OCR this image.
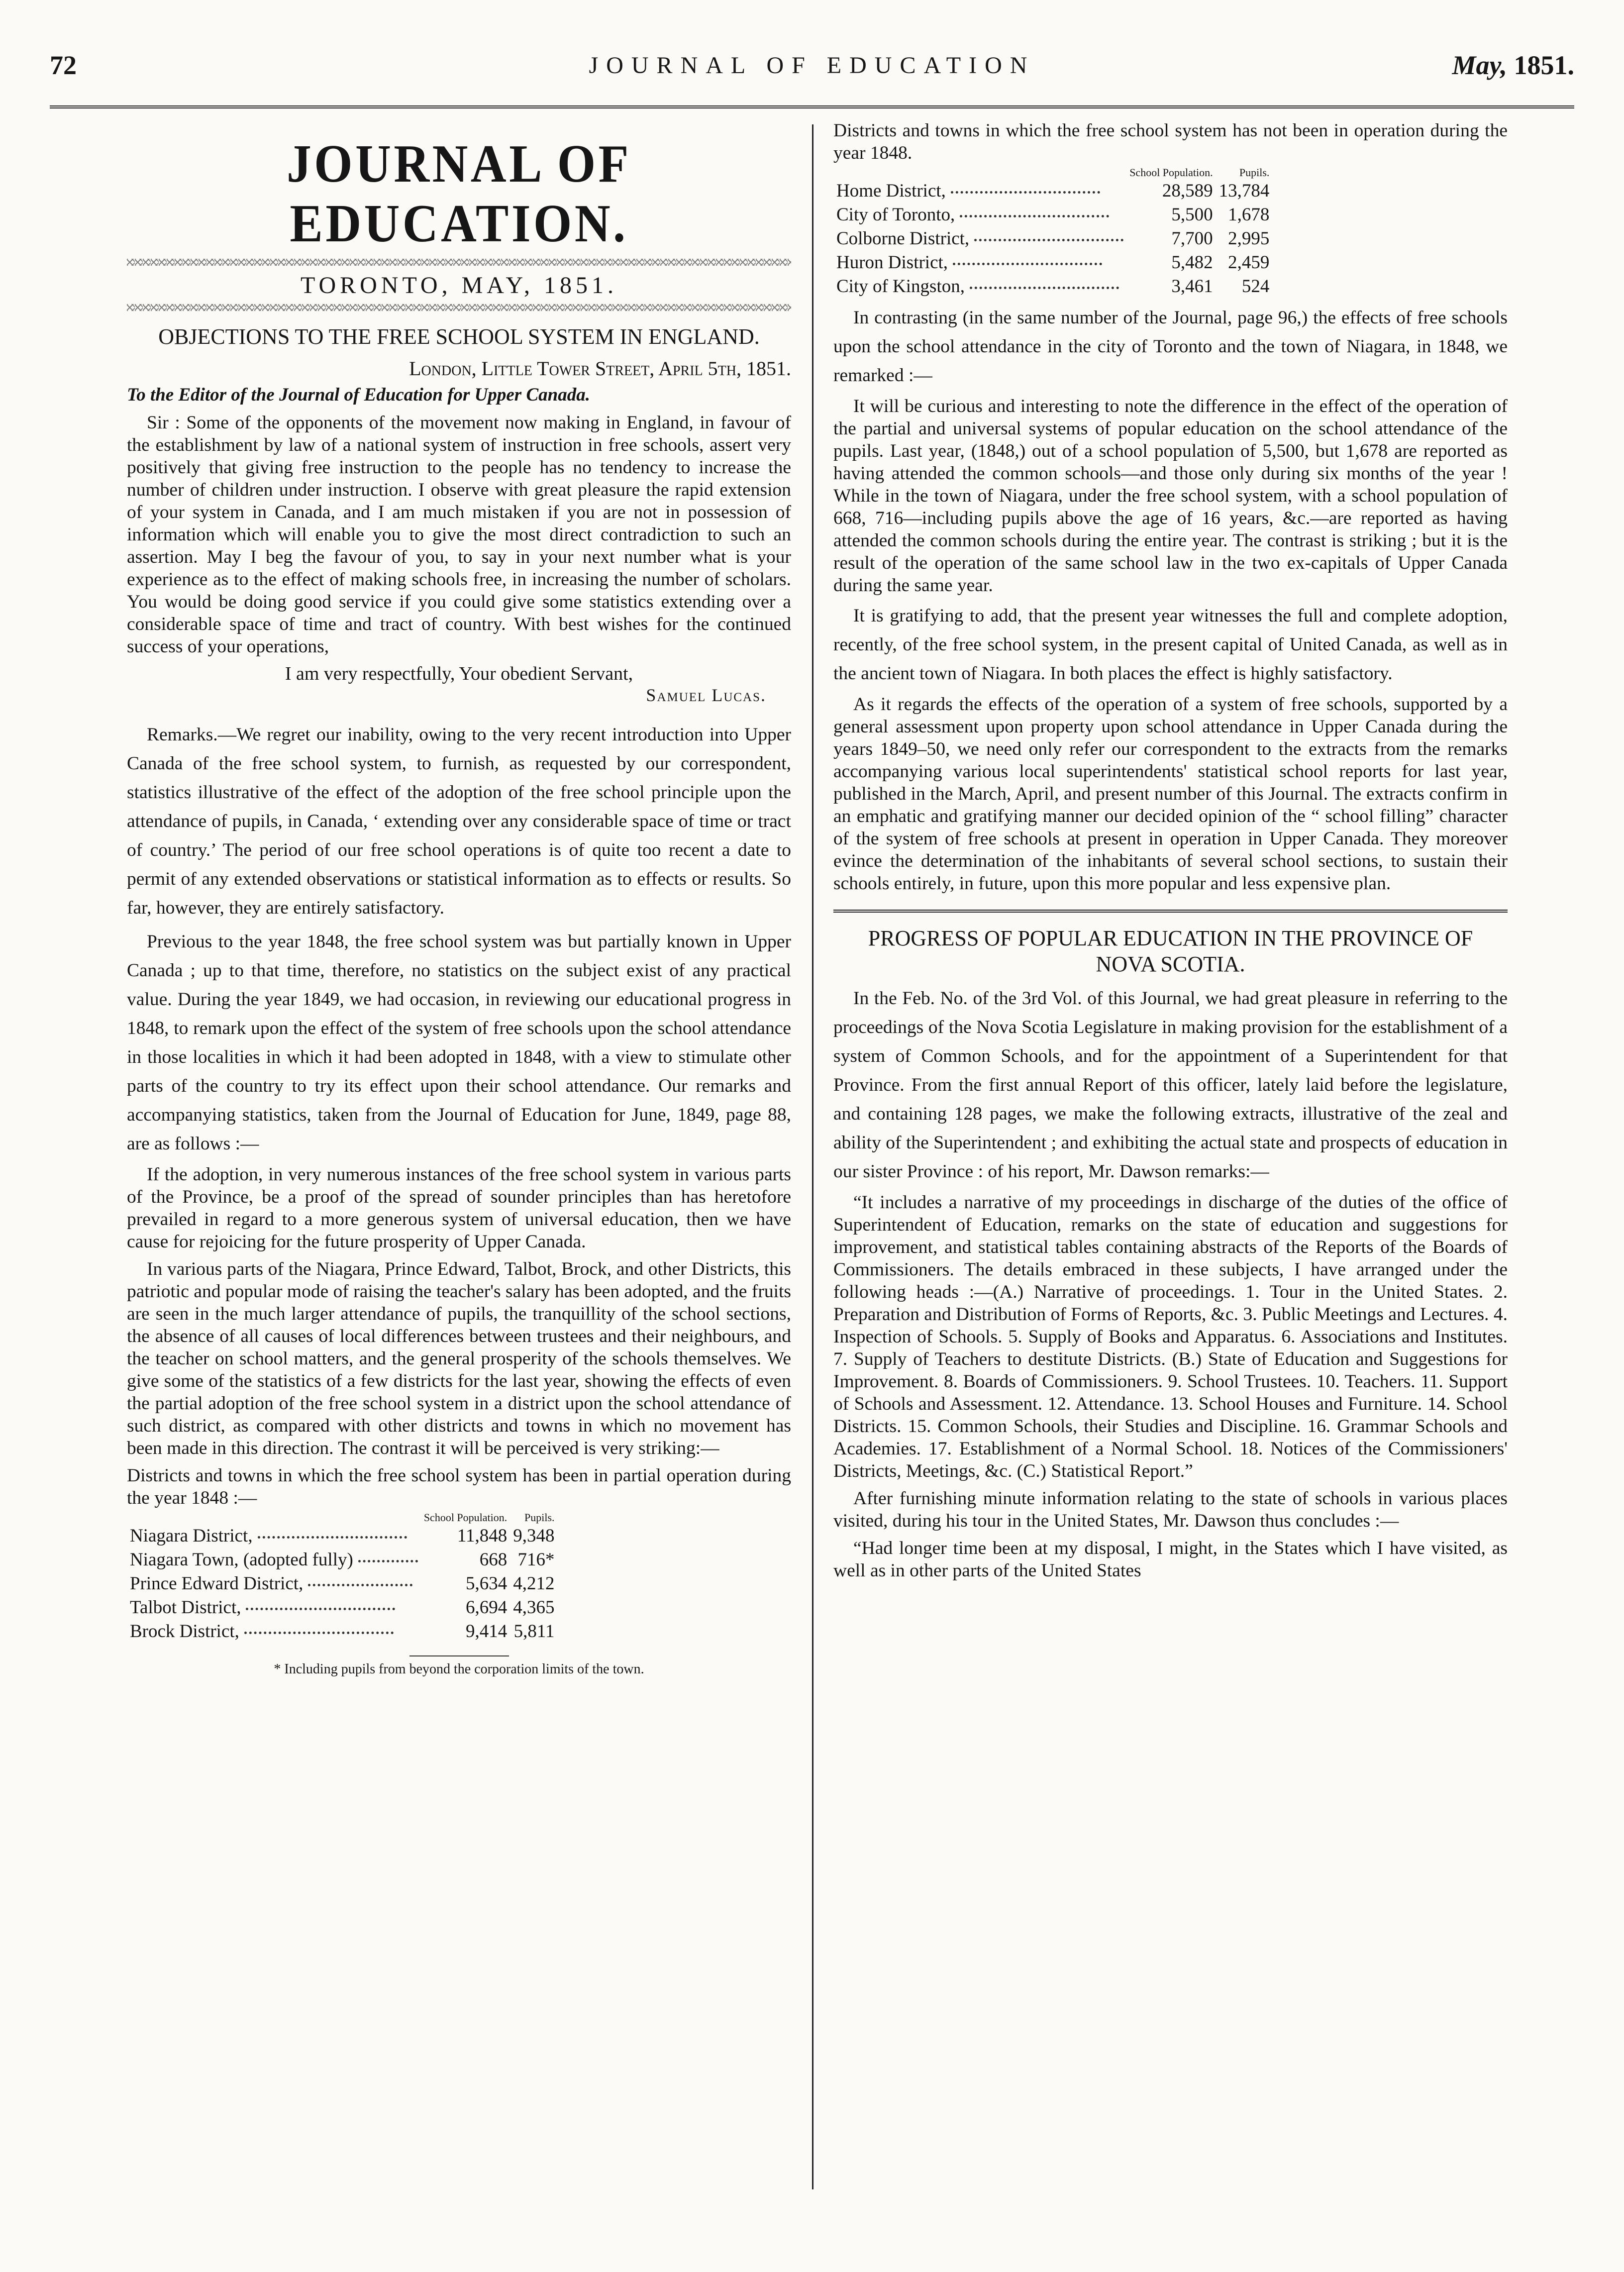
72	JOURNAL OF EDUCATION	May, 1851.
JOURNAL OF EDUCATION.
TORONTO, MAY, 1851.
OBJECTIONS TO THE FREE SCHOOL SYSTEM IN ENGLAND.
London, Little Tower Street, April 5th, 1851.
To the Editor of the Journal of Education for Upper Canada.

Sir : Some of the opponents of the movement now making in England, in favour of the establishment by law of a national system of instruction in free schools, assert very positively that giving free instruction to the people has no tendency to increase the number of children under instruction. I observe with great pleasure the rapid extension of your system in Canada, and I am much mistaken if you are not in possession of information which will enable you to give the most direct contradiction to such an assertion. May I beg the favour of you, to say in your next number what is your experience as to the effect of making schools free, in increasing the number of scholars. You would be doing good service if you could give some statistics extending over a considerable space of time and tract of country. With best wishes for the continued success of your operations,

I am very respectfully, Your obedient Servant,
Samuel Lucas.

Remarks.—We regret our inability, owing to the very recent introduction into Upper Canada of the free school system, to furnish, as requested by our correspondent, statistics illustrative of the effect of the adoption of the free school principle upon the attendance of pupils, in Canada, ‘ extending over any considerable space of time or tract of country.’ The period of our free school operations is of quite too recent a date to permit of any extended observations or statistical information as to effects or results. So far, however, they are entirely satisfactory.

Previous to the year 1848, the free school system was but partially known in Upper Canada ; up to that time, therefore, no statistics on the subject exist of any practical value. During the year 1849, we had occasion, in reviewing our educational progress in 1848, to remark upon the effect of the system of free schools upon the school attendance in those localities in which it had been adopted in 1848, with a view to stimulate other parts of the country to try its effect upon their school attendance. Our remarks and accompanying statistics, taken from the Journal of Education for June, 1849, page 88, are as follows :—

If the adoption, in very numerous instances of the free school system in various parts of the Province, be a proof of the spread of sounder principles than has heretofore prevailed in regard to a more generous system of universal education, then we have cause for rejoicing for the future prosperity of Upper Canada.

In various parts of the Niagara, Prince Edward, Talbot, Brock, and other Districts, this patriotic and popular mode of raising the teacher's salary has been adopted, and the fruits are seen in the much larger attendance of pupils, the tranquillity of the school sections, the absence of all causes of local differences between trustees and their neighbours, and the teacher on school matters, and the general prosperity of the schools themselves. We give some of the statistics of a few districts for the last year, showing the effects of even the partial adoption of the free school system in a district upon the school attendance of such district, as compared with other districts and towns in which no movement has been made in this direction. The contrast it will be perceived is very striking:—

Districts and towns in which the free school system has been in partial operation during the year 1848 :—

	School Population.	Pupils.
Niagara District,	11,848	9,348
Niagara Town, (adopted fully)	668	716*
Prince Edward District,	5,634	4,212
Talbot District,	6,694	4,365
Brock District,	9,414	5,811
* Including pupils from beyond the corporation limits of the town.

Districts and towns in which the free school system has not been in operation during the year 1848.

	School Population.	Pupils.
Home District,	28,589	13,784
City of Toronto,	5,500	1,678
Colborne District,	7,700	2,995
Huron District,	5,482	2,459
City of Kingston,	3,461	524

In contrasting (in the same number of the Journal, page 96,) the effects of free schools upon the school attendance in the city of Toronto and the town of Niagara, in 1848, we remarked :—

It will be curious and interesting to note the difference in the effect of the operation of the partial and universal systems of popular education on the school attendance of the pupils. Last year, (1848,) out of a school population of 5,500, but 1,678 are reported as having attended the common schools—and those only during six months of the year ! While in the town of Niagara, under the free school system, with a school population of 668, 716—including pupils above the age of 16 years, &c.—are reported as having attended the common schools during the entire year. The contrast is striking ; but it is the result of the operation of the same school law in the two ex-capitals of Upper Canada during the same year.

It is gratifying to add, that the present year witnesses the full and complete adoption, recently, of the free school system, in the present capital of United Canada, as well as in the ancient town of Niagara. In both places the effect is highly satisfactory.

As it regards the effects of the operation of a system of free schools, supported by a general assessment upon property upon school attendance in Upper Canada during the years 1849–50, we need only refer our correspondent to the extracts from the remarks accompanying various local superintendents' statistical school reports for last year, published in the March, April, and present number of this Journal. The extracts confirm in an emphatic and gratifying manner our decided opinion of the “ school filling” character of the system of free schools at present in operation in Upper Canada. They moreover evince the determination of the inhabitants of several school sections, to sustain their schools entirely, in future, upon this more popular and less expensive plan.

PROGRESS OF POPULAR EDUCATION IN THE PROVINCE OF NOVA SCOTIA.

In the Feb. No. of the 3rd Vol. of this Journal, we had great pleasure in referring to the proceedings of the Nova Scotia Legislature in making provision for the establishment of a system of Common Schools, and for the appointment of a Superintendent for that Province. From the first annual Report of this officer, lately laid before the legislature, and containing 128 pages, we make the following extracts, illustrative of the zeal and ability of the Superintendent ; and exhibiting the actual state and prospects of education in our sister Province : of his report, Mr. Dawson remarks:—

“It includes a narrative of my proceedings in discharge of the duties of the office of Superintendent of Education, remarks on the state of education and suggestions for improvement, and statistical tables containing abstracts of the Reports of the Boards of Commissioners. The details embraced in these subjects, I have arranged under the following heads :—(A.) Narrative of proceedings. 1. Tour in the United States. 2. Preparation and Distribution of Forms of Reports, &c. 3. Public Meetings and Lectures. 4. Inspection of Schools. 5. Supply of Books and Apparatus. 6. Associations and Institutes. 7. Supply of Teachers to destitute Districts. (B.) State of Education and Suggestions for Improvement. 8. Boards of Commissioners. 9. School Trustees. 10. Teachers. 11. Support of Schools and Assessment. 12. Attendance. 13. School Houses and Furniture. 14. School Districts. 15. Common Schools, their Studies and Discipline. 16. Grammar Schools and Academies. 17. Establishment of a Normal School. 18. Notices of the Commissioners' Districts, Meetings, &c. (C.) Statistical Report.”

After furnishing minute information relating to the state of schools in various places visited, during his tour in the United States, Mr. Dawson thus concludes :—

“Had longer time been at my disposal, I might, in the States which I have visited, as well as in other parts of the United States
